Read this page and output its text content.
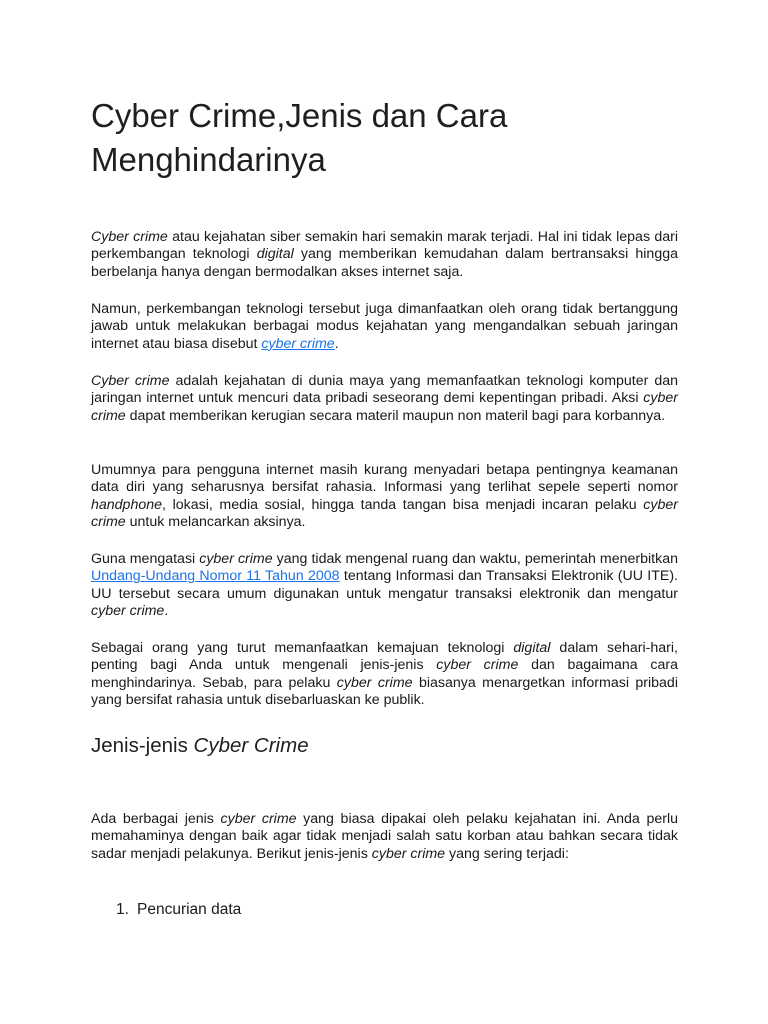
Cyber Crime,Jenis dan Cara Menghindarinya

Cyber crime atau kejahatan siber semakin hari semakin marak terjadi. Hal ini tidak lepas dari perkembangan teknologi digital yang memberikan kemudahan dalam bertransaksi hingga berbelanja hanya dengan bermodalkan akses internet saja.

Namun, perkembangan teknologi tersebut juga dimanfaatkan oleh orang tidak bertanggung jawab untuk melakukan berbagai modus kejahatan yang mengandalkan sebuah jaringan internet atau biasa disebut cyber crime.

Cyber crime adalah kejahatan di dunia maya yang memanfaatkan teknologi komputer dan jaringan internet untuk mencuri data pribadi seseorang demi kepentingan pribadi. Aksi cyber crime dapat memberikan kerugian secara materil maupun non materil bagi para korbannya.

Umumnya para pengguna internet masih kurang menyadari betapa pentingnya keamanan data diri yang seharusnya bersifat rahasia. Informasi yang terlihat sepele seperti nomor handphone, lokasi, media sosial, hingga tanda tangan bisa menjadi incaran pelaku cyber crime untuk melancarkan aksinya.

Guna mengatasi cyber crime yang tidak mengenal ruang dan waktu, pemerintah menerbitkan Undang-Undang Nomor 11 Tahun 2008 tentang Informasi dan Transaksi Elektronik (UU ITE). UU tersebut secara umum digunakan untuk mengatur transaksi elektronik dan mengatur cyber crime.

Sebagai orang yang turut memanfaatkan kemajuan teknologi digital dalam sehari-hari, penting bagi Anda untuk mengenali jenis-jenis cyber crime dan bagaimana cara menghindarinya. Sebab, para pelaku cyber crime biasanya menargetkan informasi pribadi yang bersifat rahasia untuk disebarluaskan ke publik.

Jenis-jenis Cyber Crime

Ada berbagai jenis cyber crime yang biasa dipakai oleh pelaku kejahatan ini. Anda perlu memahaminya dengan baik agar tidak menjadi salah satu korban atau bahkan secara tidak sadar menjadi pelakunya. Berikut jenis-jenis cyber crime yang sering terjadi:

1. Pencurian data
